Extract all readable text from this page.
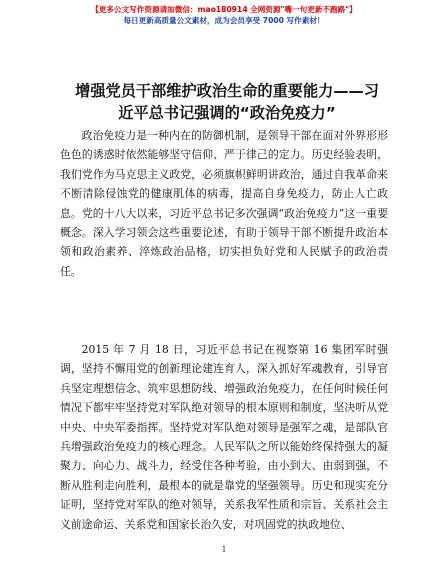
【更多公文写作资源请加微信：mao180914 全网资源"嘴一句更新不跑路"】
每日更新高质量公文素材，成为会员享受 7000 写作素材！
增强党员干部维护政治生命的重要能力——习
近平总书记强调的“政治免疫力”

政治免疫力是一种内在的防御机制，是领导干部在面对外界形形色色的诱惑时依然能够坚守信仰、严于律己的定力。历史经验表明，我们党作为马克思主义政党，必须旗帜鲜明讲政治，通过自我革命来不断清除侵蚀党的健康肌体的病毒，提高自身免疫力，防止人亡政息。党的十八大以来，习近平总书记多次强调“政治免疫力”这一重要概念。深入学习领会这些重要论述，有助于领导干部不断提升政治本领和政治素养、淬炼政治品格，切实担负好党和人民赋予的政治责任。

2015 年 7 月 18 日，习近平总书记在视察第 16 集团军时强调，坚持不懈用党的创新理论建连育人，深入抓好军魂教育，引导官兵坚定理想信念、筑牢思想防线、增强政治免疫力，在任何时候任何情况下都牢牢坚持党对军队绝对领导的根本原则和制度，坚决听从党中央、中央军委指挥。坚持党对军队绝对领导是强军之魂，是部队官兵增强政治免疫力的核心理念。人民军队之所以能始终保持强大的凝聚力、向心力、战斗力，经受住各种考验，由小到大、由弱到强，不断从胜利走向胜利，最根本的就是靠党的坚强领导。历史和现实充分证明，坚持党对军队的绝对领导，关系我军性质和宗旨、关系社会主义前途命运、关系党和国家长治久安，对巩固党的执政地位、

1
